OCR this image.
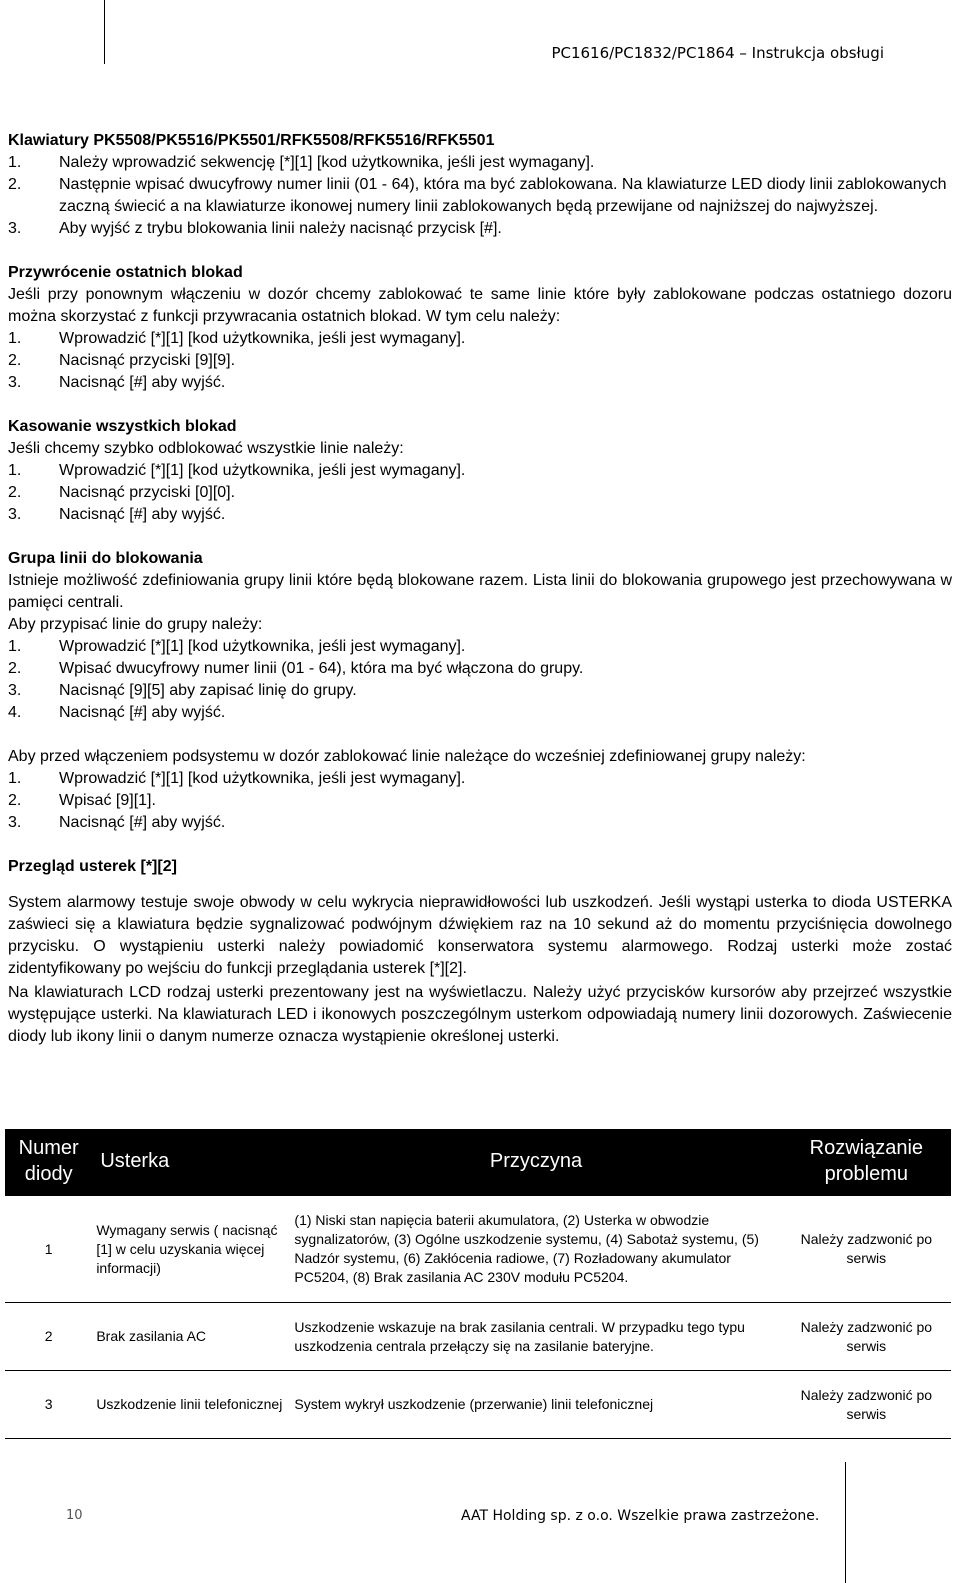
PC1616/PC1832/PC1864 – Instrukcja obsługi

Klawiatury PK5508/PK5516/PK5501/RFK5508/RFK5516/RFK5501

1.	Należy wprowadzić sekwencję [*][1] [kod użytkownika, jeśli jest wymagany].
2.	Następnie wpisać dwucyfrowy numer linii (01 - 64), która ma być zablokowana. Na klawiaturze LED diody linii zablokowanych zaczną świecić a na klawiaturze ikonowej numery linii zablokowanych będą przewijane od najniższej do najwyższej.
3.	Aby wyjść z trybu blokowania linii należy nacisnąć przycisk [#].

Przywrócenie ostatnich blokad

Jeśli przy ponownym włączeniu w dozór chcemy zablokować te same linie które były zablokowane podczas ostatniego dozoru można skorzystać z funkcji przywracania ostatnich blokad. W tym celu należy:

1.	Wprowadzić [*][1] [kod użytkownika, jeśli jest wymagany].
2.	Nacisnąć przyciski [9][9].
3.	Nacisnąć [#] aby wyjść.

Kasowanie wszystkich blokad

Jeśli chcemy szybko odblokować wszystkie linie należy:

1.	Wprowadzić [*][1] [kod użytkownika, jeśli jest wymagany].
2.	Nacisnąć przyciski [0][0].
3.	Nacisnąć [#] aby wyjść.

Grupa linii do blokowania

Istnieje możliwość zdefiniowania grupy linii które będą blokowane razem. Lista linii do blokowania grupowego jest przechowywana w pamięci centrali.

Aby przypisać linie do grupy należy:

1.	Wprowadzić [*][1] [kod użytkownika, jeśli jest wymagany].
2.	Wpisać dwucyfrowy numer linii (01 - 64), która ma być włączona do grupy.
3.	Nacisnąć [9][5] aby zapisać linię do grupy.
4.	Nacisnąć [#] aby wyjść.

Aby przed włączeniem podsystemu w dozór zablokować linie należące do wcześniej zdefiniowanej grupy należy:

1.	Wprowadzić [*][1] [kod użytkownika, jeśli jest wymagany].
2.	Wpisać [9][1].
3.	Nacisnąć [#] aby wyjść.

Przegląd usterek [*][2]

System alarmowy testuje swoje obwody w celu wykrycia nieprawidłowości lub uszkodzeń. Jeśli wystąpi usterka to dioda USTERKA zaświeci się a klawiatura będzie sygnalizować podwójnym dźwiękiem raz na 10 sekund aż do momentu przyciśnięcia dowolnego przycisku. O wystąpieniu usterki należy powiadomić konserwatora systemu alarmowego. Rodzaj usterki może zostać zidentyfikowany po wejściu do funkcji przeglądania usterek [*][2].

Na klawiaturach LCD rodzaj usterki prezentowany jest na wyświetlaczu. Należy użyć przycisków kursorów aby przejrzeć wszystkie występujące usterki. Na klawiaturach LED i ikonowych poszczególnym usterkom odpowiadają numery linii dozorowych. Zaświecenie diody lub ikony linii o danym numerze oznacza wystąpienie określonej usterki.

Numer diody	Usterka	Przyczyna	Rozwiązanie problemu
1	Wymagany serwis ( nacisnąć [1] w celu uzyskania więcej informacji)	(1) Niski stan napięcia baterii akumulatora, (2) Usterka w obwodzie sygnalizatorów, (3) Ogólne uszkodzenie systemu, (4) Sabotaż systemu, (5) Nadzór systemu, (6) Zakłócenia radiowe, (7) Rozładowany akumulator PC5204, (8) Brak zasilania AC 230V modułu PC5204.	Należy zadzwonić po serwis
2	Brak zasilania AC	Uszkodzenie wskazuje na brak zasilania centrali. W przypadku tego typu uszkodzenia centrala przełączy się na zasilanie bateryjne.	Należy zadzwonić po serwis
3	Uszkodzenie linii telefonicznej	System wykrył uszkodzenie (przerwanie) linii telefonicznej	Należy zadzwonić po serwis
10	AAT Holding sp. z o.o. Wszelkie prawa zastrzeżone.
